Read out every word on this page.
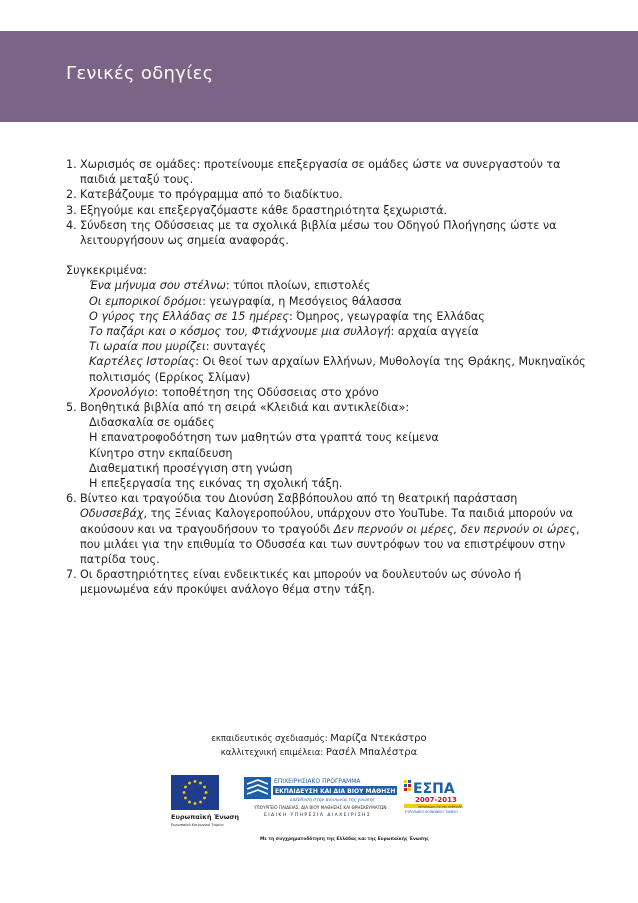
Γενικές οδηγίες
1. Χωρισμός σε ομάδες: προτείνουμε επεξεργασία σε ομάδες ώστε να συνεργαστούν τα παιδιά μεταξύ τους.
2. Κατεβάζουμε το πρόγραμμα από το διαδίκτυο.
3. Εξηγούμε και επεξεργαζόμαστε κάθε δραστηριότητα ξεχωριστά.
4. Σύνδεση της Οδύσσειας με τα σχολικά βιβλία μέσω του Οδηγού Πλοήγησης ώστε να λειτουργήσουν ως σημεία αναφοράς.
Συγκεκριμένα:
Ένα μήνυμα σου στέλνω: τύποι πλοίων, επιστολές
Οι εμπορικοί δρόμοι: γεωγραφία, η Μεσόγειος θάλασσα
Ο γύρος της Ελλάδας σε 15 ημέρες: Όμηρος, γεωγραφία της Ελλάδας
Το παζάρι και ο κόσμος του, Φτιάχνουμε μια συλλογή: αρχαία αγγεία
Τι ωραία που μυρίζει: συνταγές
Καρτέλες Ιστορίας: Οι θεοί των αρχαίων Ελλήνων, Μυθολογία της Θράκης, Μυκηναϊκός πολιτισμός (Ερρίκος Σλίμαν)
Χρονολόγιο: τοποθέτηση της Οδύσσειας στο χρόνο
5. Βοηθητικά βιβλία από τη σειρά «Κλειδιά και αντικλείδια»:
Διδασκαλία σε ομάδες
Η επανατροφοδότηση των μαθητών στα γραπτά τους κείμενα
Κίνητρο στην εκπαίδευση
Διαθεματική προσέγγιση στη γνώση
Η επεξεργασία της εικόνας τη σχολική τάξη.
6. Βίντεο και τραγούδια του Διονύση Σαββόπουλου από τη θεατρική παράσταση Οδυσσεβάχ, της Ξένιας Καλογεροπούλου, υπάρχουν στο YouTube. Τα παιδιά μπορούν να ακούσουν και να τραγουδήσουν το τραγούδι Δεν περνούν οι μέρες, δεν περνούν οι ώρες, που μιλάει για την επιθυμία το Οδυσσέα και των συντρόφων του να επιστρέψουν στην πατρίδα τους.
7. Οι δραστηριότητες είναι ενδεικτικές και μπορούν να δουλευτούν ως σύνολο ή μεμονωμένα εάν προκύψει ανάλογο θέμα στην τάξη.
εκπαιδευτικός σχεδιασμός: Μαρίζα Ντεκάστρο
καλλιτεχνική επιμέλεια: Ρασέλ Μπαλέστρα
Ευρωπαϊκή Ένωση
Ευρωπαϊκό Κοινωνικό Ταμείο
ΕΠΙΧΕΙΡΗΣΙΑΚΟ ΠΡΟΓΡΑΜΜΑ
ΕΚΠΑΙΔΕΥΣΗ ΚΑΙ ΔΙΑ ΒΙΟΥ ΜΑΘΗΣΗ
επένδυση στην κοινωνία της γνώσης
ΥΠΟΥΡΓΕΙΟ ΠΑΙΔΕΙΑΣ, ΔΙΑ ΒΙΟΥ ΜΑΘΗΣΗΣ ΚΑΙ ΘΡΗΣΚΕΥΜΑΤΩΝ
ΕΙΔΙΚΗ ΥΠΗΡΕΣΙΑ ΔΙΑΧΕΙΡΙΣΗΣ
ΕΣΠΑ
2007-2013
πρόγραμμα για την ανάπτυξη
ΕΥΡΩΠΑΪΚΟ ΚΟΙΝΩΝΙΚΟ ΤΑΜΕΙΟ
Με τη συγχρηματοδότηση της Ελλάδας και της Ευρωπαϊκής Ένωσης
